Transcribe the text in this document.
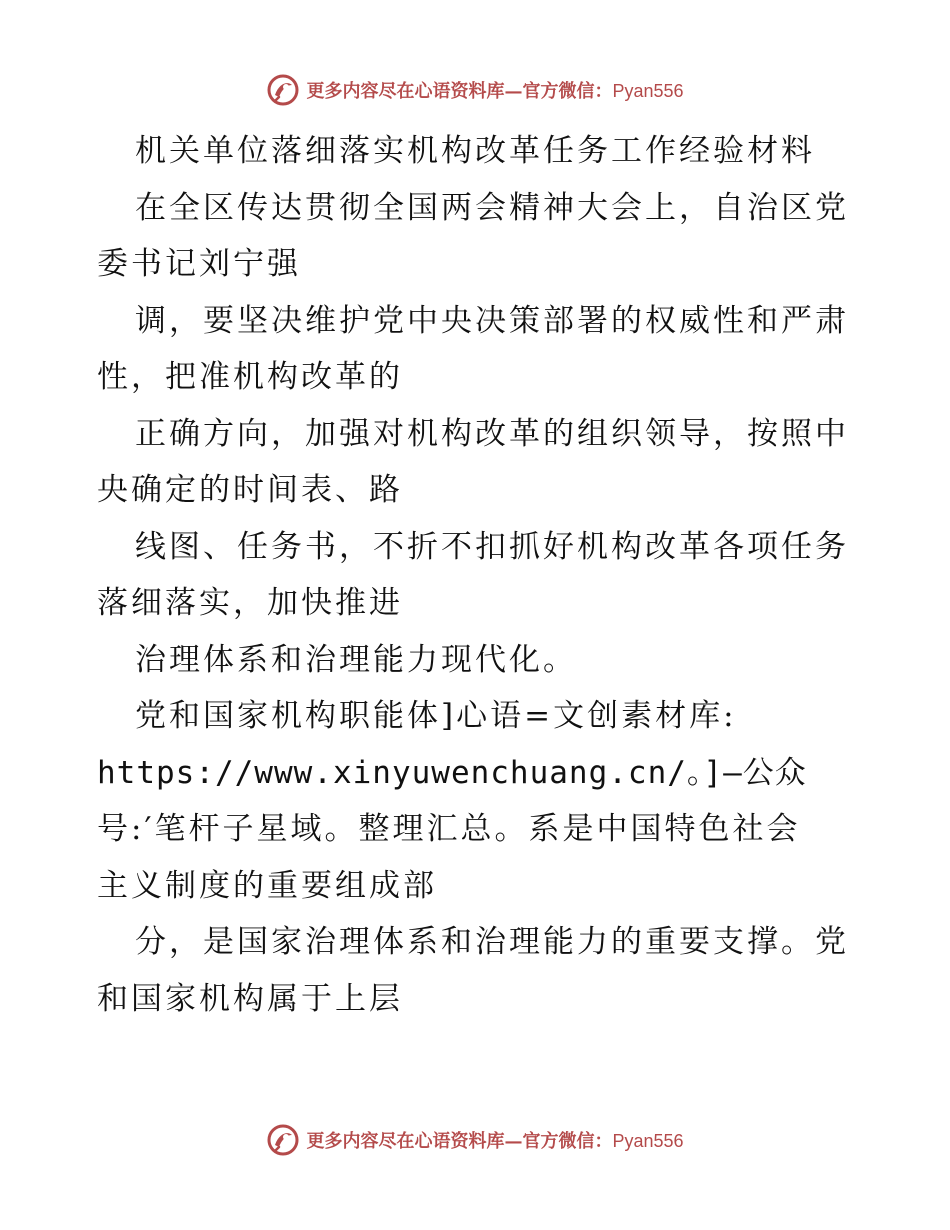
更多内容尽在心语资料库—官方微信：Pyan556
机关单位落细落实机构改革任务工作经验材料
在全区传达贯彻全国两会精神大会上，自治区党
委书记刘宁强
调，要坚决维护党中央决策部署的权威性和严肃
性，把准机构改革的
正确方向，加强对机构改革的组织领导，按照中
央确定的时间表、路
线图、任务书，不折不扣抓好机构改革各项任务
落细落实，加快推进
治理体系和治理能力现代化。
党和国家机构职能体]心语=文创素材库:
https://www.xinyuwenchuang.cn/。]—公众
号:′笔杆子星域。整理汇总。系是中国特色社会
主义制度的重要组成部
分，是国家治理体系和治理能力的重要支撑。党
和国家机构属于上层
更多内容尽在心语资料库—官方微信：Pyan556
